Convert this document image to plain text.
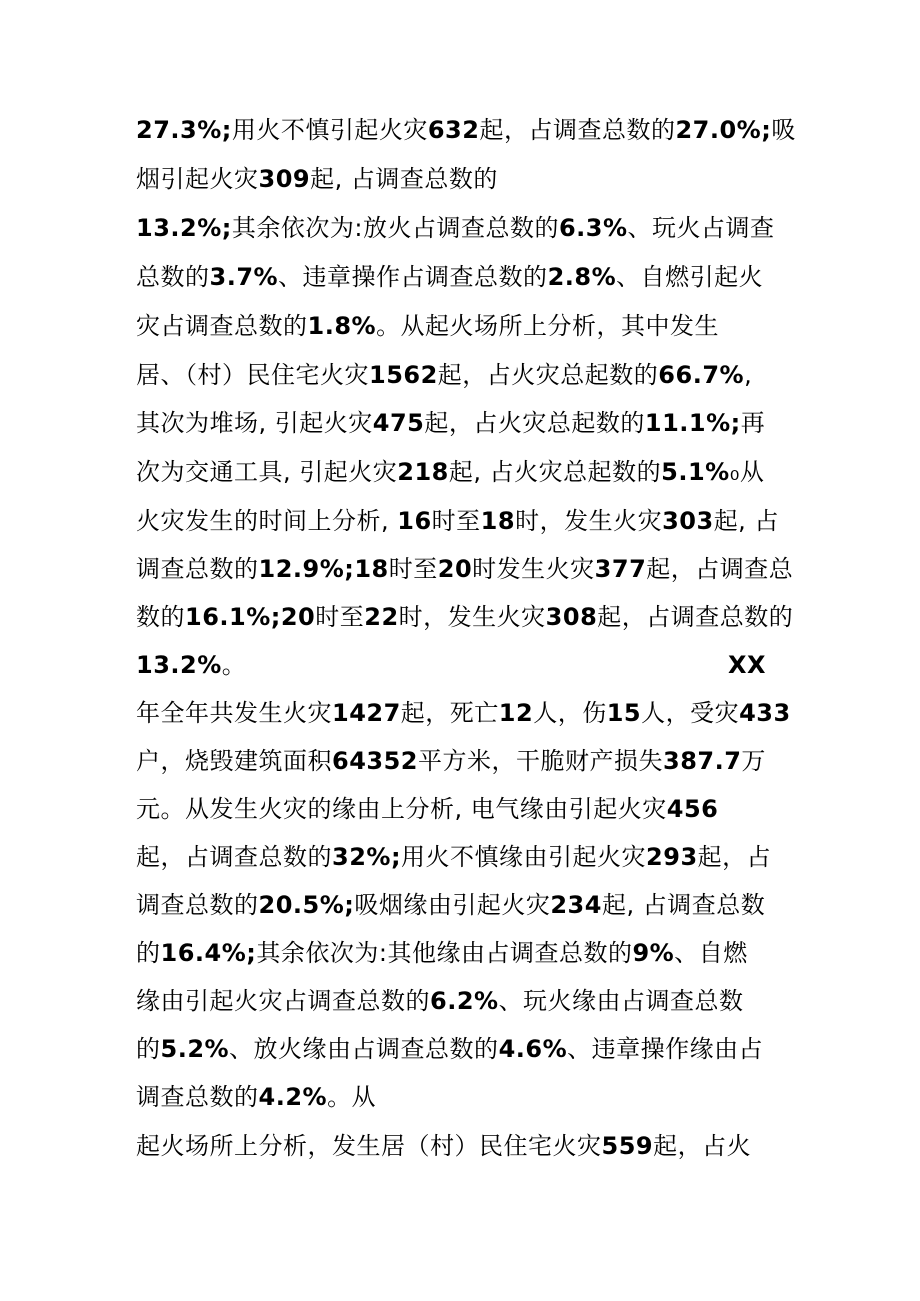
27.3%;用火不慎引起火灾632起，占调查总数的27.0%;吸
烟引起火灾309起, 占调查总数的
13.2%;其余依次为:放火占调查总数的6.3%、玩火占调查
总数的3.7%、违章操作占调查总数的2.8%、自燃引起火
灾占调查总数的1.8%。从起火场所上分析，其中发生
居、（村）民住宅火灾1562起，占火灾总起数的66.7%,
其次为堆场, 引起火灾475起，占火灾总起数的11.1%;再
次为交通工具, 引起火灾218起, 占火灾总起数的5.1%₀从
火灾发生的时间上分析, 16时至18时，发生火灾303起, 占
调查总数的12.9%;18时至20时发生火灾377起，占调查总
数的16.1%;20时至22时，发生火灾308起，占调查总数的
13.2%。	XX
年全年共发生火灾1427起，死亡12人，伤15人，受灾433
户，烧毁建筑面积64352平方米，干脆财产损失387.7万
元。从发生火灾的缘由上分析, 电气缘由引起火灾456
起，占调查总数的32%;用火不慎缘由引起火灾293起，占
调查总数的20.5%;吸烟缘由引起火灾234起, 占调查总数
的16.4%;其余依次为:其他缘由占调查总数的9%、自燃
缘由引起火灾占调查总数的6.2%、玩火缘由占调查总数
的5.2%、放火缘由占调查总数的4.6%、违章操作缘由占
调查总数的4.2%。从
起火场所上分析，发生居（村）民住宅火灾559起，占火
